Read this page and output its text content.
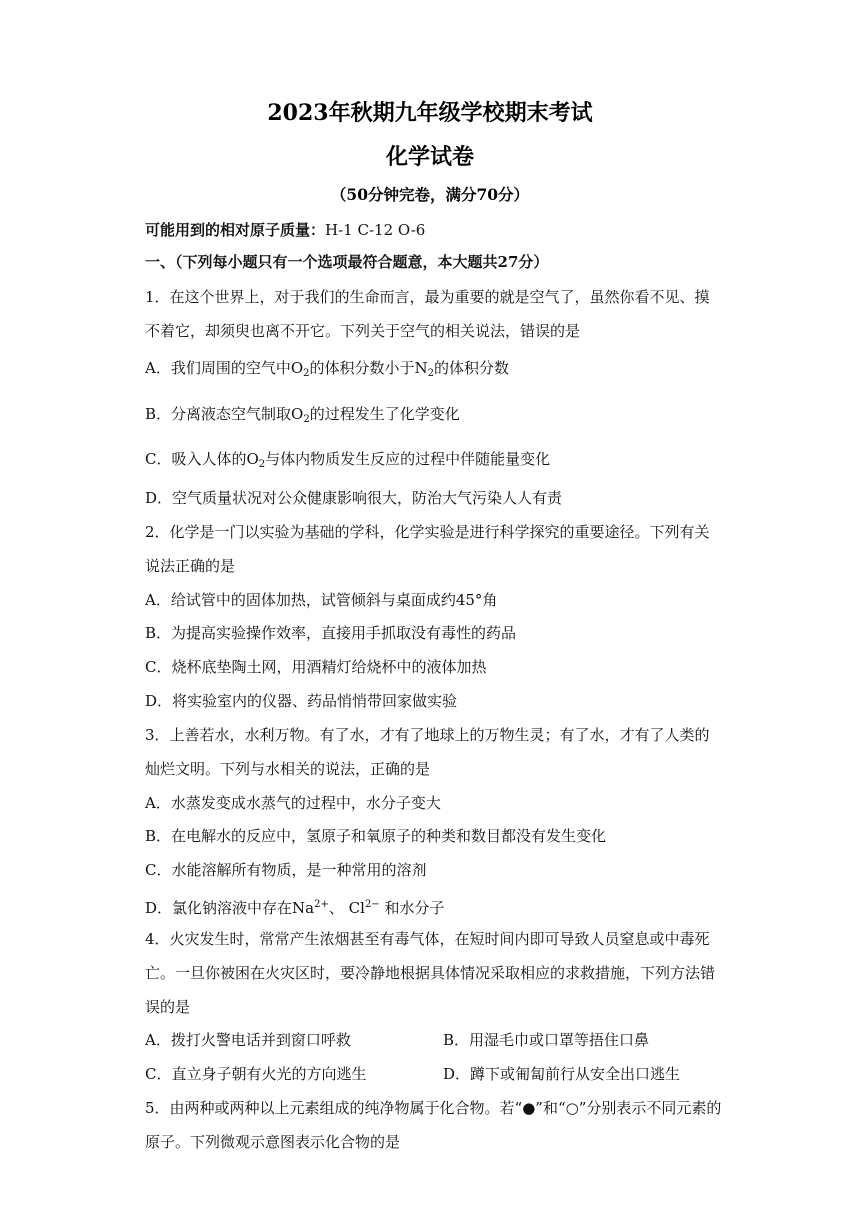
2023年秋期九年级学校期末考试
化学试卷
（50分钟完卷，满分70分）
可能用到的相对原子质量：H-1 C-12 O-6
一、（下列每小题只有一个选项最符合题意，本大题共27分）
1．在这个世界上，对于我们的生命而言，最为重要的就是空气了，虽然你看不见、摸
不着它，却须臾也离不开它。下列关于空气的相关说法，错误的是
A．我们周围的空气中$O_2$的体积分数小于$N_2$的体积分数
B．分离液态空气制取$O_2$的过程发生了化学变化
C．吸入人体的$O_2$与体内物质发生反应的过程中伴随能量变化
D．空气质量状况对公众健康影响很大，防治大气污染人人有责
2．化学是一门以实验为基础的学科，化学实验是进行科学探究的重要途径。下列有关
说法正确的是
A．给试管中的固体加热，试管倾斜与桌面成约45°角
B．为提高实验操作效率，直接用手抓取没有毒性的药品
C．烧杯底垫陶土网，用酒精灯给烧杯中的液体加热
D．将实验室内的仪器、药品悄悄带回家做实验
3．上善若水，水利万物。有了水，才有了地球上的万物生灵；有了水，才有了人类的
灿烂文明。下列与水相关的说法，正确的是
A．水蒸发变成水蒸气的过程中，水分子变大
B．在电解水的反应中，氢原子和氧原子的种类和数目都没有发生变化
C．水能溶解所有物质，是一种常用的溶剂
D．氯化钠溶液中存在$Na^{2+}$、 $Cl^{2-}$ 和水分子
4．火灾发生时，常常产生浓烟甚至有毒气体，在短时间内即可导致人员窒息或中毒死
亡。一旦你被困在火灾区时，要冷静地根据具体情况采取相应的求救措施，下列方法错
误的是
A．拨打火警电话并到窗口呼救	B．用湿毛巾或口罩等捂住口鼻
C．直立身子朝有火光的方向逃生	D．蹲下或匍匐前行从安全出口逃生
5．由两种或两种以上元素组成的纯净物属于化合物。若“●”和“○”分别表示不同元素的
原子。下列微观示意图表示化合物的是
